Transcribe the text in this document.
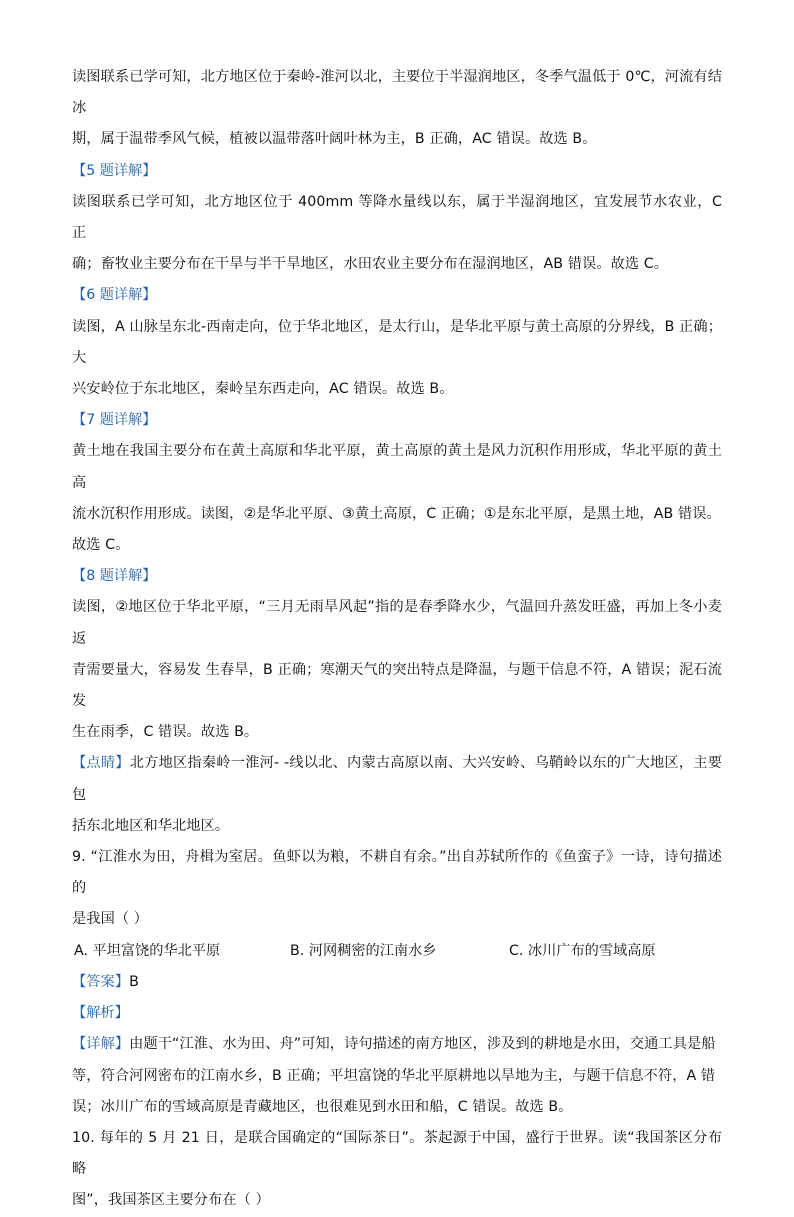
读图联系已学可知，北方地区位于秦岭-淮河以北，主要位于半湿润地区，冬季气温低于 0℃，河流有结冰

期，属于温带季风气候，植被以温带落叶阔叶林为主，B 正确，AC 错误。故选 B。

【5 题详解】

读图联系已学可知，北方地区位于 400mm 等降水量线以东，属于半湿润地区，宜发展节水农业，C 正

确；畜牧业主要分布在干旱与半干旱地区，水田农业主要分布在湿润地区，AB 错误。故选 C。

【6 题详解】

读图，A 山脉呈东北-西南走向，位于华北地区，是太行山，是华北平原与黄土高原的分界线，B 正确；大

兴安岭位于东北地区，秦岭呈东西走向，AC 错误。故选 B。

【7 题详解】

黄土地在我国主要分布在黄土高原和华北平原，黄土高原的黄土是风力沉积作用形成，华北平原的黄土高

流水沉积作用形成。读图，②是华北平原、③黄土高原，C 正确；①是东北平原，是黑土地，AB 错误。

故选 C。

【8 题详解】

读图，②地区位于华北平原，“三月无雨旱风起”指的是春季降水少，气温回升蒸发旺盛，再加上冬小麦返

青需要量大，容易发 生春旱，B 正确；寒潮天气的突出特点是降温，与题干信息不符，A 错误；泥石流发

生在雨季，C 错误。故选 B。

【点睛】北方地区指秦岭一淮河- -线以北、内蒙古高原以南、大兴安岭、乌鞘岭以东的广大地区，主要包

括东北地区和华北地区。

9. “江淮水为田，舟楫为室居。鱼虾以为粮，不耕自有余。”出自苏轼所作的《鱼蛮子》一诗，诗句描述的

是我国（ ）

A. 平坦富饶的华北平原	B. 河网稠密的江南水乡	C. 冰川广布的雪域高原

【答案】B

【解析】

【详解】由题干“江淮、水为田、舟”可知，诗句描述的南方地区，涉及到的耕地是水田，交通工具是船

等，符合河网密布的江南水乡，B 正确；平坦富饶的华北平原耕地以旱地为主，与题干信息不符，A 错

误；冰川广布的雪域高原是青藏地区，也很难见到水田和船，C 错误。故选 B。

10. 每年的 5 月 21 日，是联合国确定的“国际茶日”。茶起源于中国，盛行于世界。读“我国茶区分布略

图”，我国茶区主要分布在（ ）
